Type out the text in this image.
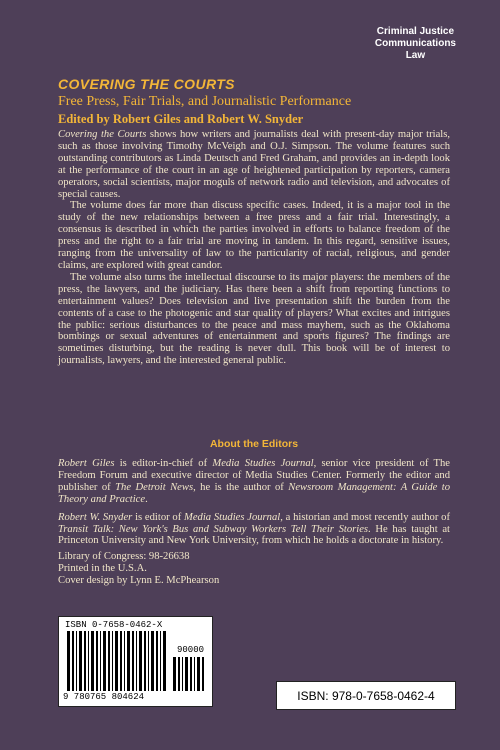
Criminal Justice
Communications
Law
COVERING THE COURTS
Free Press, Fair Trials, and Journalistic Performance
Edited by Robert Giles and Robert W. Snyder

Covering the Courts shows how writers and journalists deal with present-day major trials, such as those involving Timothy McVeigh and O.J. Simpson. The volume features such outstanding contributors as Linda Deutsch and Fred Graham, and provides an in-depth look at the performance of the court in an age of heightened participation by reporters, camera operators, social scientists, major moguls of network radio and television, and advocates of special causes.

The volume does far more than discuss specific cases. Indeed, it is a major tool in the study of the new relationships between a free press and a fair trial. Interestingly, a consensus is described in which the parties involved in efforts to balance freedom of the press and the right to a fair trial are moving in tandem. In this regard, sensitive issues, ranging from the universality of law to the particularity of racial, religious, and gender claims, are explored with great candor.

The volume also turns the intellectual discourse to its major players: the members of the press, the lawyers, and the judiciary. Has there been a shift from reporting functions to entertainment values? Does television and live presentation shift the burden from the contents of a case to the photogenic and star quality of players? What excites and intrigues the public: serious disturbances to the peace and mass mayhem, such as the Oklahoma bombings or sexual adventures of entertainment and sports figures? The findings are sometimes disturbing, but the reading is never dull. This book will be of interest to journalists, lawyers, and the interested general public.

About the Editors

Robert Giles is editor-in-chief of Media Studies Journal, senior vice president of The Freedom Forum and executive director of Media Studies Center. Formerly the editor and publisher of The Detroit News, he is the author of Newsroom Management: A Guide to Theory and Practice.

Robert W. Snyder is editor of Media Studies Journal, a historian and most recently author of Transit Talk: New York's Bus and Subway Workers Tell Their Stories. He has taught at Princeton University and New York University, from which he holds a doctorate in history.

Library of Congress: 98-26638
Printed in the U.S.A.
Cover design by Lynn E. McPhearson
ISBN 0-7658-0462-X
90000
9 780765 804624	ISBN: 978-0-7658-0462-4
